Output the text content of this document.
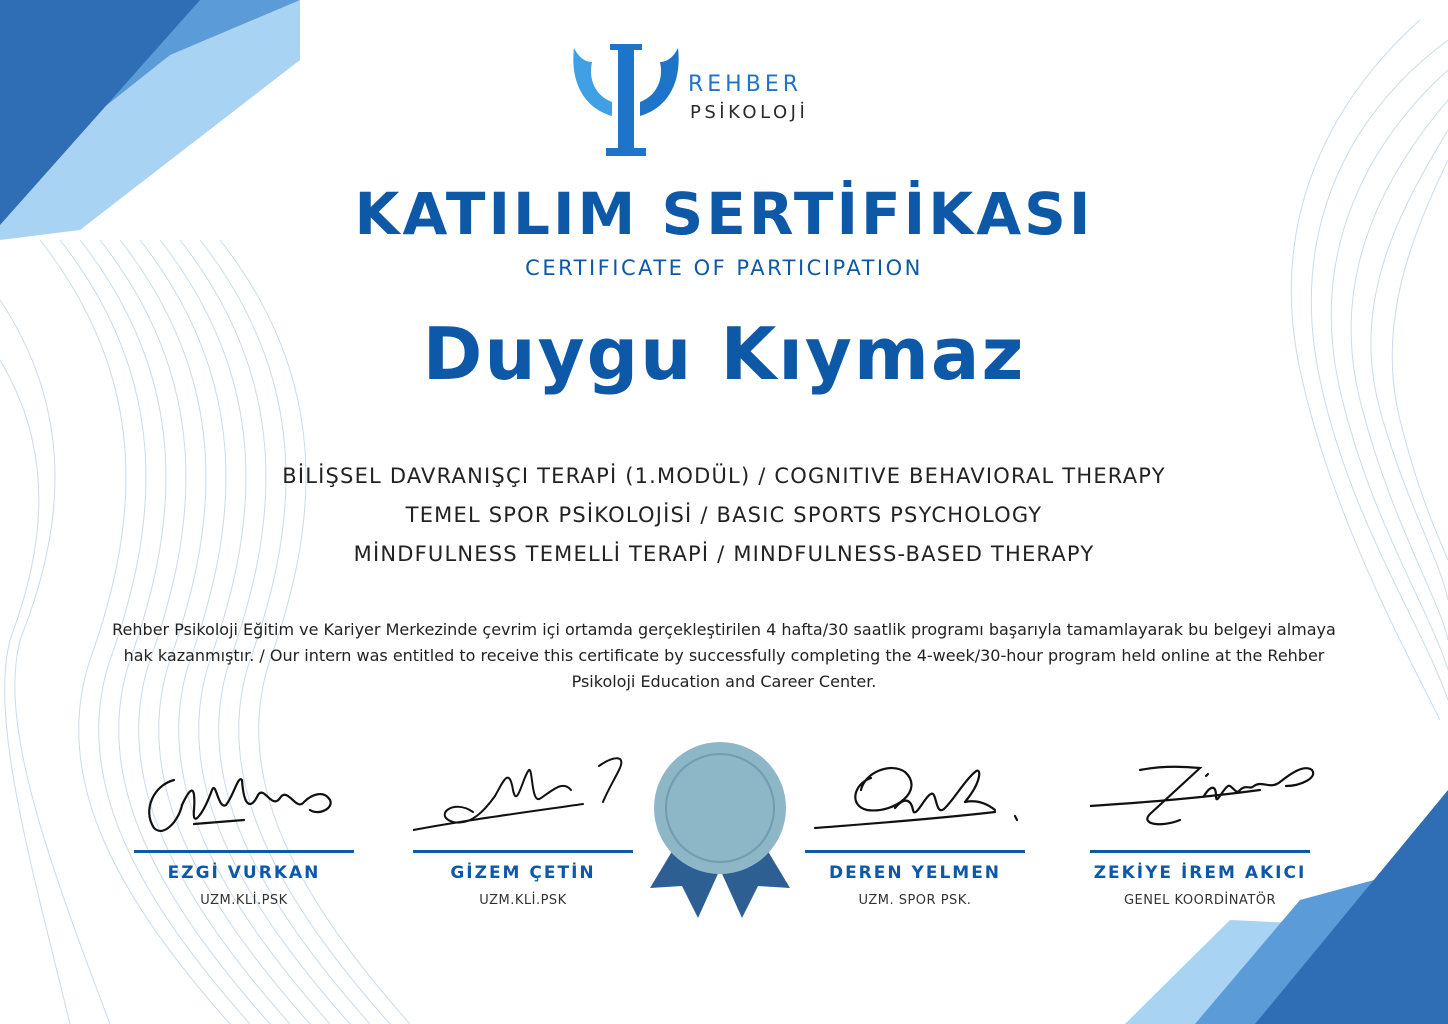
REHBER
PSİKOLOJİ
KATILIM SERTİFİKASI
CERTIFICATE OF PARTICIPATION
Duygu Kıymaz
BİLİŞSEL DAVRANIŞÇI TERAPİ (1.MODÜL) / COGNITIVE BEHAVIORAL THERAPY
TEMEL SPOR PSİKOLOJİSİ / BASIC SPORTS PSYCHOLOGY
MİNDFULNESS TEMELLİ TERAPİ / MINDFULNESS-BASED THERAPY
Rehber Psikoloji Eğitim ve Kariyer Merkezinde çevrim içi ortamda gerçekleştirilen 4 hafta/30 saatlik programı başarıyla tamamlayarak bu belgeyi almaya hak kazanmıştır. / Our intern was entitled to receive this certificate by successfully completing the 4-week/30-hour program held online at the Rehber Psikoloji Education and Career Center.
EZGİ VURKAN
UZM.KLİ.PSK
GİZEM ÇETİN
UZM.KLİ.PSK
DEREN YELMEN
UZM. SPOR PSK.
ZEKİYE İREM AKICI
GENEL KOORDİNATÖR
